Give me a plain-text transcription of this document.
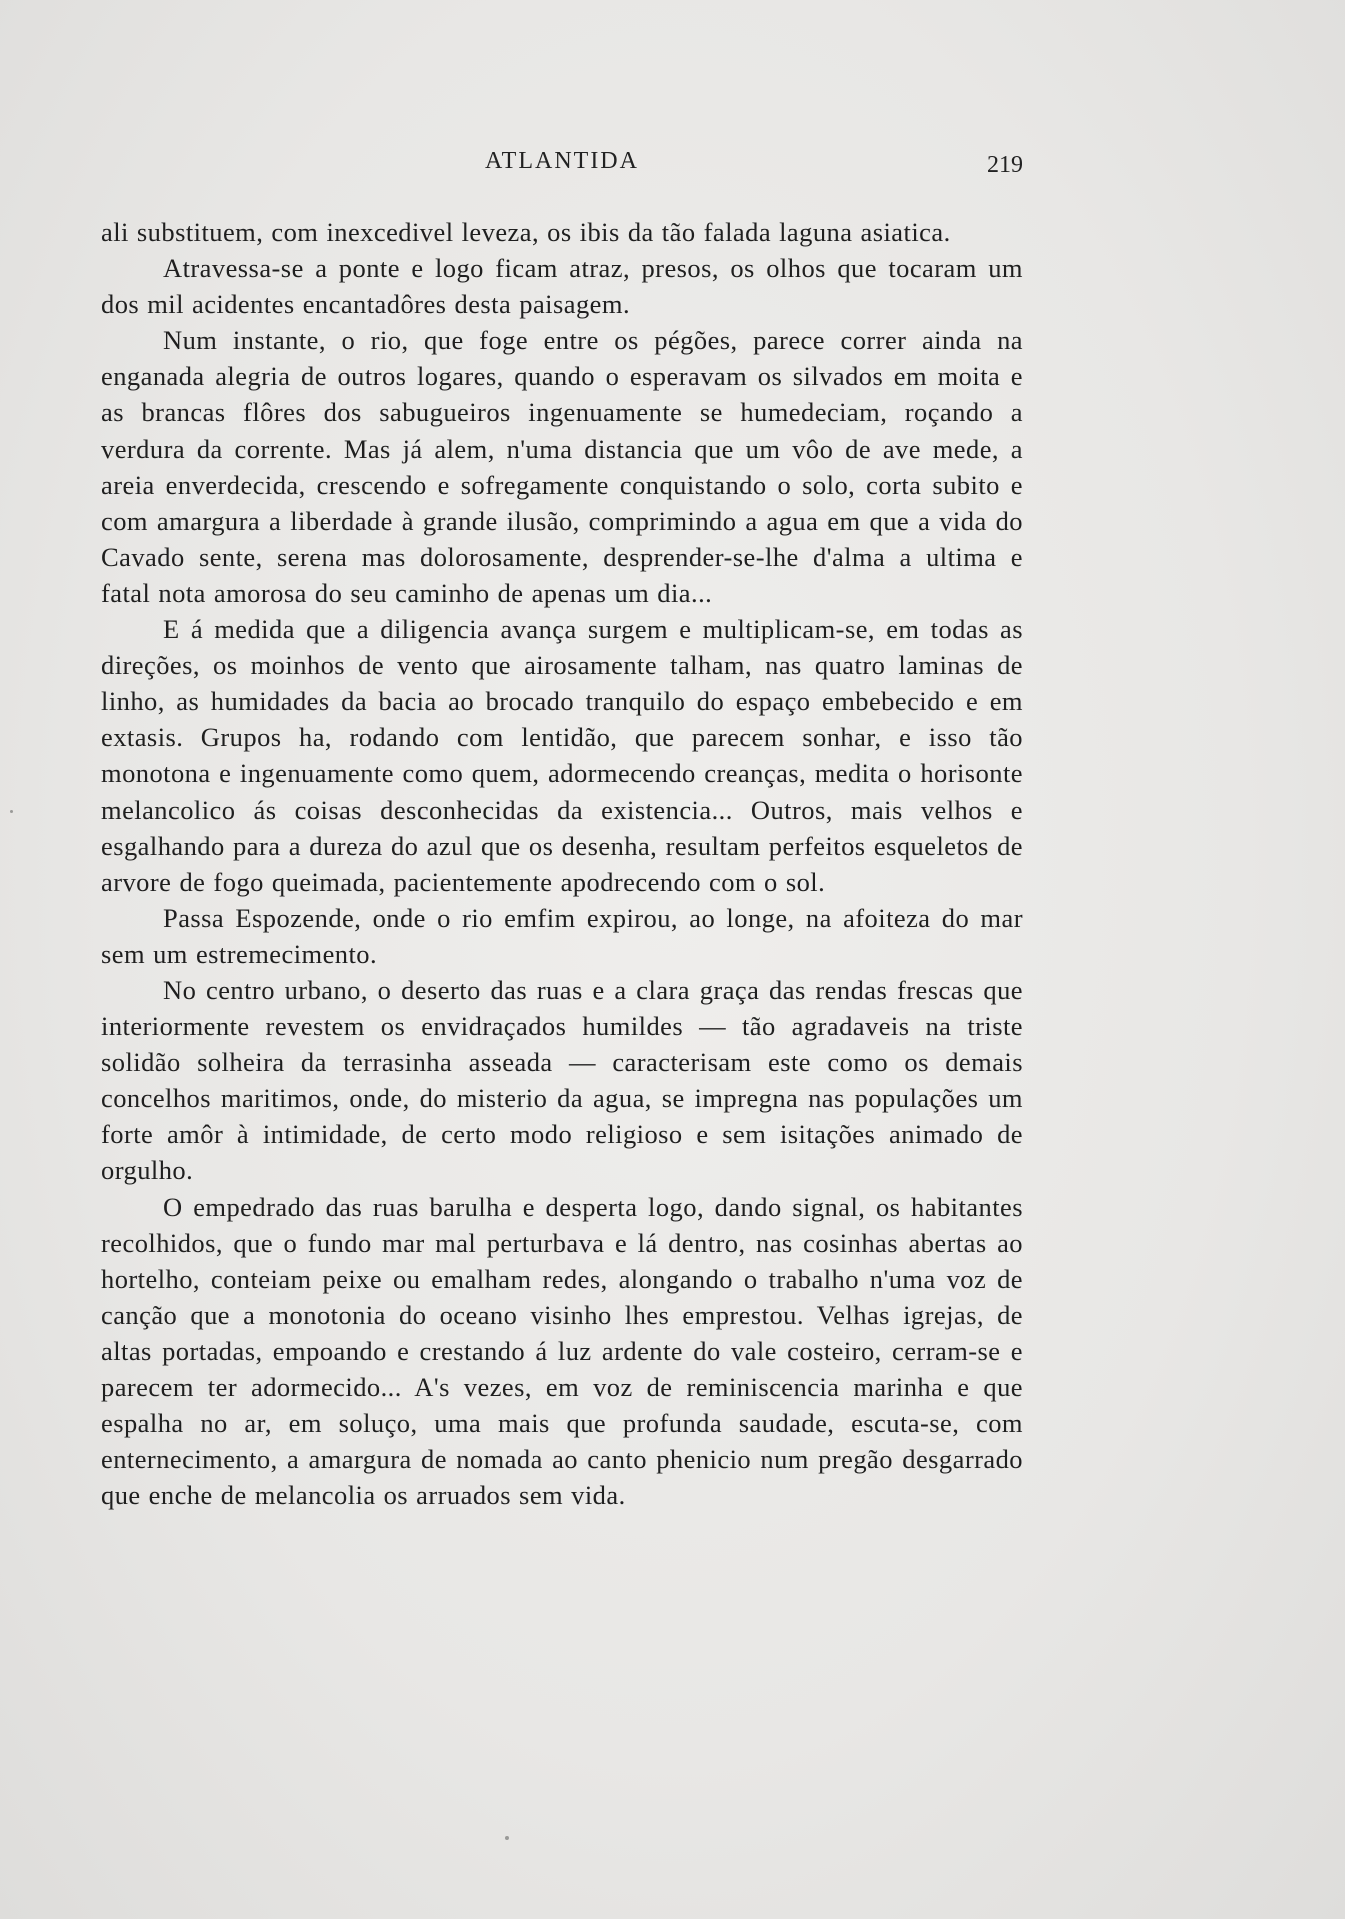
ATLANTIDA	219

ali substituem, com inexcedivel leveza, os ibis da tão falada laguna asiatica.

Atravessa-se a ponte e logo ficam atraz, presos, os olhos que tocaram um dos mil acidentes encantadôres desta paisagem.

Num instante, o rio, que foge entre os pégões, parece correr ainda na enganada alegria de outros logares, quando o esperavam os silvados em moita e as brancas flôres dos sabugueiros ingenuamente se humedeciam, roçando a verdura da corrente. Mas já alem, n'uma distancia que um vôo de ave mede, a areia enverdecida, crescendo e sofregamente conquistando o solo, corta subito e com amargura a liberdade à grande ilusão, comprimindo a agua em que a vida do Cavado sente, serena mas dolorosamente, desprender-se-lhe d'alma a ultima e fatal nota amorosa do seu caminho de apenas um dia...

E á medida que a diligencia avança surgem e multiplicam-se, em todas as direções, os moinhos de vento que airosamente talham, nas quatro laminas de linho, as humidades da bacia ao brocado tranquilo do espaço embebecido e em extasis. Grupos ha, rodando com lentidão, que parecem sonhar, e isso tão monotona e ingenuamente como quem, adormecendo creanças, medita o horisonte melancolico ás coisas desconhecidas da existencia... Outros, mais velhos e esgalhando para a dureza do azul que os desenha, resultam perfeitos esqueletos de arvore de fogo queimada, pacientemente apodrecendo com o sol.

Passa Espozende, onde o rio emfim expirou, ao longe, na afoiteza do mar sem um estremecimento.

No centro urbano, o deserto das ruas e a clara graça das rendas frescas que interiormente revestem os envidraçados humildes — tão agradaveis na triste solidão solheira da terrasinha asseada — caracterisam este como os demais concelhos maritimos, onde, do misterio da agua, se impregna nas populações um forte amôr à intimidade, de certo modo religioso e sem isitações animado de orgulho.

O empedrado das ruas barulha e desperta logo, dando signal, os habitantes recolhidos, que o fundo mar mal perturbava e lá dentro, nas cosinhas abertas ao hortelho, conteiam peixe ou emalham redes, alongando o trabalho n'uma voz de canção que a monotonia do oceano visinho lhes emprestou. Velhas igrejas, de altas portadas, empoando e crestando á luz ardente do vale costeiro, cerram-se e parecem ter adormecido... A's vezes, em voz de reminiscencia marinha e que espalha no ar, em soluço, uma mais que profunda saudade, escuta-se, com enternecimento, a amargura de nomada ao canto phenicio num pregão desgarrado que enche de melancolia os arruados sem vida.
